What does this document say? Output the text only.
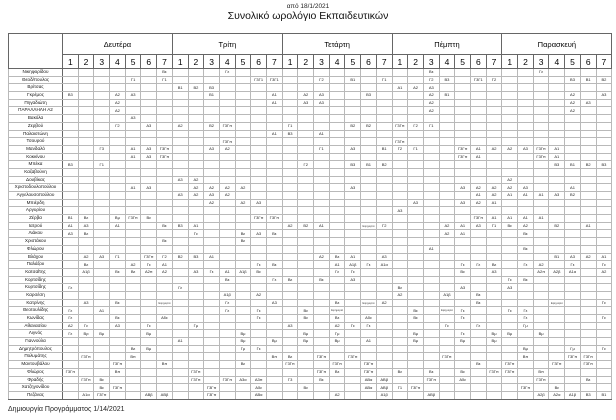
από 18/1/2021
Συνολικό ωρολόγιο Εκπαιδευτικών
	Δευτέρα							Τρίτη							Τετάρτη							Πέμπτη							Παρασκευή						
	1	2	3	4	5	6	7	1	2	3	4	5	6	7	1	2	3	4	5	6	7	1	2	3	4	5	6	7	1	2	3	4	5	6	7
Νικηφορίδου							Βε				Γε													Βε							Γε				
Θεοδ/πουλος					Γ1		Γ1						Γ3Γ1	Γ3Γ1			Γ2		Β1		Γ1			Γ2	Β3		Γ3Γ1	Γ2					Β3	Β1	Β2
Βρίτσας								Β1	Β2	Β3												Α1	Α2	Α3											
Γκρέμος	Β3			Α2	Α3					Β1				Α1		Α2	Α3			Β3				Α2	Β1								Α2		Α3
Πηγαδιώτη				Α2										Α1		Α3	Α3							Α2									Α2	Α3	
ΠΑΡΑΛΛΗΛΗ Α2				Α2																				Α2									Α2		
Βακόλα					Α3																														
Ζερβού				Γ2		Α3		Α2		Β2	Γ3Γπ				Γ1				Β2	Β2		Γ3Γπ	Γ2	Γ1											
Παλαιστώνη														Α1	Β3		Α1																		
Τσουρού											Γ3Γπ											Γ3Γπ													
Μανδαλό			Γ3		Α1	Α3	Γ3Γπ			Α3	Α2						Γ1		Α3		Β1	Γ2	Γ1			Γ3Γπ	Α1	Α2	Α2	Α3	Γ3Γπ	Α1			
Κοκκίνου					Α1	Α3	Γ3Γπ																			Γ3Γπ	Α1				Γ3Γπ	Α1			
Μπέκα	Β3		Γ1													Γ2			Β3	Β1	Β2											Β3	Β1	Β2	Β3
Καζαβούνη																																			
Δουβίκας								Α3	Α2																				Α2						
Χριστοδουλοπούλου					Α1	Α3			Α2	Α2	Α2	Α2							Α3							Α3	Α2	Α2	Α2	Α3			Α1		
Αγγελουσοπούλου								Α3	Α2	Α3	Α2																Α1	Α2	Α1	Α1	Α1	Α3	Β2		
Μπιέρδη										Α2		Α2	Α3										Α3			Α3	Α2	Α1							
Αργυρίου																						Α3													
Ζέρβα	Β1	Βε		Βμ	Γ3Γπ	Βε							Γ3Γπ	Γ3Γπ													Γ3Γπ	Α1	Α1	Α1	Α1				
Ιατρού	Α1	Α3		Α1			Βε	Β3	Α1						Α2	Β2	Α1			Εφημερία	Γ2				Α2	Α1	Α3	Γ1	Βε	Α2		Β2		Α1	
Λιάκου	Α3	Βε							Γε			Βε	Α3	Βε											Α2	Α1				Βε					
Χριστάκου							Βε					Βε																							
Φλώρου																								Α1						Βε					
Βλάχου		Α2	Α3	Γ1		Γ3Γπ	Γ2	Β2	Β3	Α1							Α2	Βε	Α1		Α3											Β1	Α3	Α2	Α1
Παλάζου		Βε			Α2	Γε	Α1						Γε	Βε				Α1	Α1β	Γε	Α1α					Γε	Γε	Βε		Γε	Α2		Γε		Γε
Κατσαΐτης		Α1β		Βε	Βε	Α2π	Α2		Α3	Γε	Α1	Α1β	Βε					Γε	Γε							Βε		Α3			Α2π	Α2β	Α1α		Α2
Κορτσίδης											Βε			Γε	Βε		Βε		Α3										Γε	Βε					
Κυρτσίδης	Γε							Γε														Βε				Α3			Α3						
Καρσέση											Α1β		Α2									Α2			Α1β		Βε								
Κατρίνης		Α3		Βε			Εφημερία				Γε			Α3				Βε		Εφημερία	Α2						Βε					Εφημερία			Γε
Θεοτουλίδης	Γε		Α1								Γε		Γε			Βε		Εφημερία					Βε		Εφημερία	Γε			Γε	Γε					
Κωνίδας	Γε			Βε			Αδε						Γε			Βε		Βε		Αδε			Βε			Γε				Γε					Γε
Αθανασίου	Α2	Γε		Α3		Γε			Γμ						Α3			Α2	Γε	Γε					Γε		Γε			Γμ					
Λιγνός	Γε	Βρ	Βμ			Βμ						Βμ				Βμ		Γμ					Βμ			Γε		Βμ	Βμ		Βμ				
Γιαννούλα								Α1				Βμ		Βμ		Βμ		Βμ		Α1			Βμ			Βμ		Βμ							
Δημητρόπουλος					Βε	Βμ						Γμ	Γε																	Βμ			Γμ		Γε
Πολυμάτης		Γ3Γπ			Βπ									Βπ	Βε		Γ3Γπ		Γ3Γπ						Γ3Γπ					Βπ			Γ3Γπ	Γ3Γπ	
Μαντουβάλου				Γ3Γπ			Βπ					Βε			Γ3Γπ			Γ3Γπ		Γ3Γπ							Βε		Γ3Γπ			Γ3Γπ		Γ3Γπ	
Φλώρος	Γ3Γπ			Βπ					Γ3Γπ								Γ3Γπ	Βε		Γ3Γπ		Βε		Βε		Βε		Γ3Γπ	Γ3Γπ		Βπ				
Φραδής		Γ3Γπ	Βε						Γ3Γπ		Γ3Γπ	Α3α	Α3π		Γ3		Βε			ΑΒα	ΑΒβ			Γ3Γπ		Αδε					Γ3Γπ			Βε	
Χατζηγονίδου			Βε	Γ3Γπ						Γ3Γπ			Αδε			Βε				ΑΒα	ΑΒβ	Γ1	Γ3Γπ							Γ3Γπ		Βε			
Πεζάνας		Α1α	Γ3Γπ			ΑΒβ	ΑΒβ			Γ3Γπ			ΑΒα					Α2			Α1β			ΑΒβ							Α2β	Α2α	Α1β	Β3	Β1
Δημιουργία Προγράμματος 1/14/2021
